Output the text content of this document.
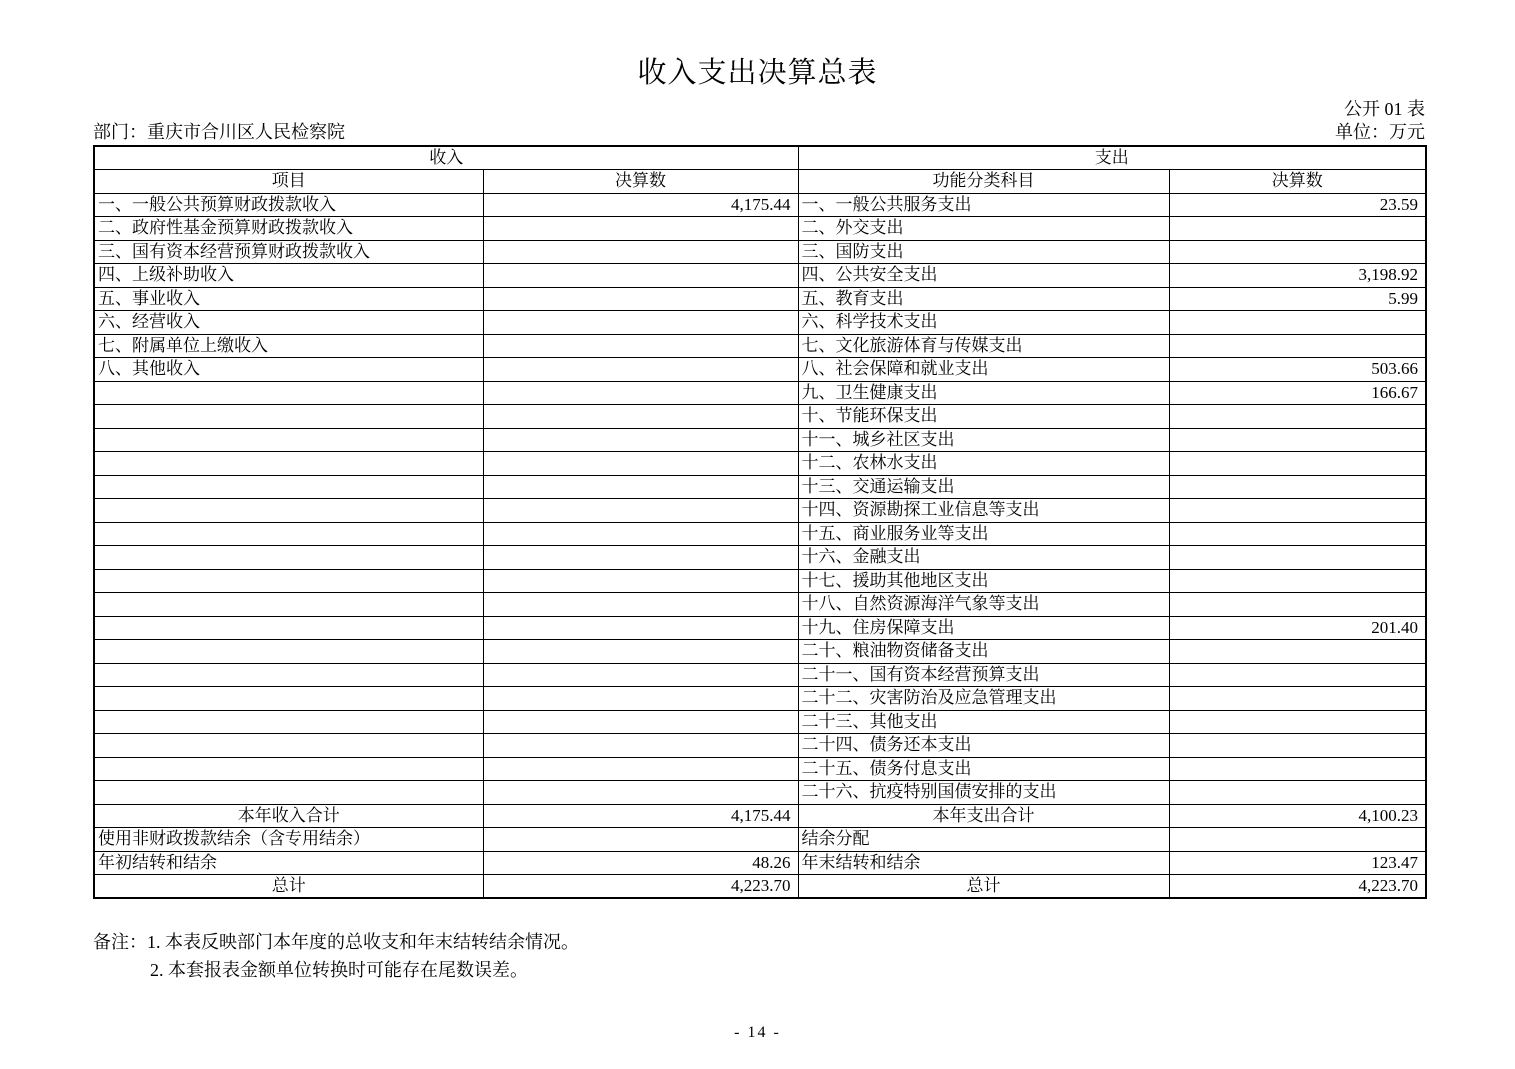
收入支出决算总表
公开 01 表
部门：重庆市合川区人民检察院	单位：万元
收入		支出	
项目	决算数	功能分类科目	决算数
一、一般公共预算财政拨款收入	4,175.44	一、一般公共服务支出	23.59
二、政府性基金预算财政拨款收入		二、外交支出	
三、国有资本经营预算财政拨款收入		三、国防支出	
四、上级补助收入		四、公共安全支出	3,198.92
五、事业收入		五、教育支出	5.99
六、经营收入		六、科学技术支出	
七、附属单位上缴收入		七、文化旅游体育与传媒支出	
八、其他收入		八、社会保障和就业支出	503.66
		九、卫生健康支出	166.67
		十、节能环保支出	
		十一、城乡社区支出	
		十二、农林水支出	
		十三、交通运输支出	
		十四、资源勘探工业信息等支出	
		十五、商业服务业等支出	
		十六、金融支出	
		十七、援助其他地区支出	
		十八、自然资源海洋气象等支出	
		十九、住房保障支出	201.40
		二十、粮油物资储备支出	
		二十一、国有资本经营预算支出	
		二十二、灾害防治及应急管理支出	
		二十三、其他支出	
		二十四、债务还本支出	
		二十五、债务付息支出	
		二十六、抗疫特别国债安排的支出	
本年收入合计	4,175.44	本年支出合计	4,100.23
使用非财政拨款结余（含专用结余）		结余分配	
年初结转和结余	48.26	年末结转和结余	123.47
总计	4,223.70	总计	4,223.70
备注：1. 本表反映部门本年度的总收支和年末结转结余情况。
2. 本套报表金额单位转换时可能存在尾数误差。
- 14 -
